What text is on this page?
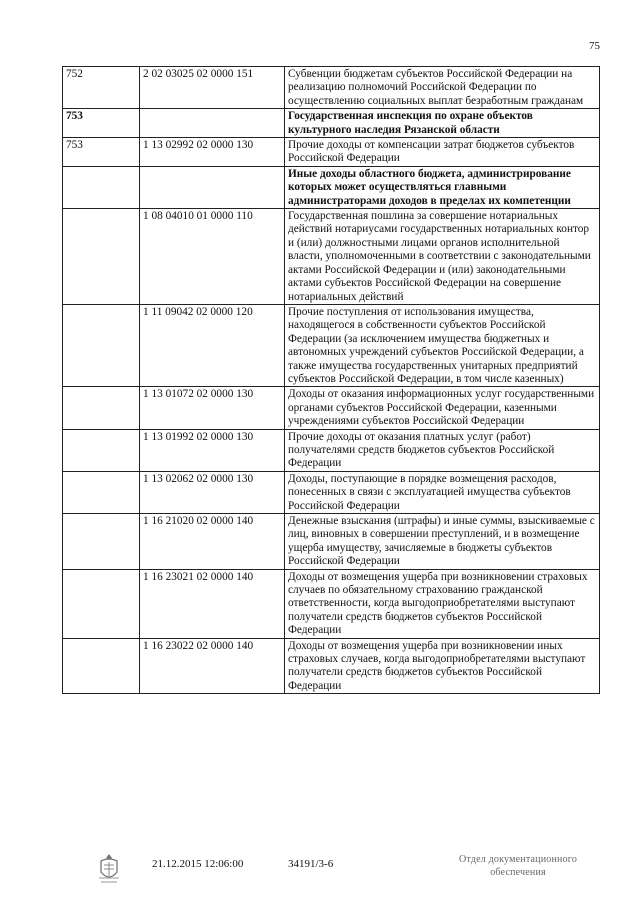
75
752	2 02 03025 02 0000 151	Субвенции бюджетам субъектов Российской Федерации на реализацию полномочий Российской Федерации по осуществлению социальных выплат безработным гражданам
753		Государственная инспекция по охране объектов культурного наследия Рязанской области
753	1 13 02992 02 0000 130	Прочие доходы от компенсации затрат бюджетов субъектов Российской Федерации
		Иные доходы областного бюджета, администрирование которых может осуществляться главными администраторами доходов в пределах их компетенции
	1 08 04010 01 0000 110	Государственная пошлина за совершение нотариальных действий нотариусами государственных нотариальных контор и (или) должностными лицами органов исполнительной власти, уполномоченными в соответствии с законодательными актами Российской Федерации и (или) законодательными актами субъектов Российской Федерации на совершение нотариальных действий
	1 11 09042 02 0000 120	Прочие поступления от использования имущества, находящегося в собственности субъектов Российской Федерации (за исключением имущества бюджетных и автономных учреждений субъектов Российской Федерации, а также имущества государственных унитарных предприятий субъектов Российской Федерации, в том числе казенных)
	1 13 01072 02 0000 130	Доходы от оказания информационных услуг государственными органами субъектов Российской Федерации, казенными учреждениями субъектов Российской Федерации
	1 13 01992 02 0000 130	Прочие доходы от оказания платных услуг (работ) получателями средств бюджетов субъектов Российской Федерации
	1 13 02062 02 0000 130	Доходы, поступающие в порядке возмещения расходов, понесенных в связи с эксплуатацией имущества субъектов Российской Федерации
	1 16 21020 02 0000 140	Денежные взыскания (штрафы) и иные суммы, взыскиваемые с лиц, виновных в совершении преступлений, и в возмещение ущерба имуществу, зачисляемые в бюджеты субъектов Российской Федерации
	1 16 23021 02 0000 140	Доходы от возмещения ущерба при возникновении страховых случаев по обязательному страхованию гражданской ответственности, когда выгодоприобретателями выступают получатели средств бюджетов субъектов Российской Федерации
	1 16 23022 02 0000 140	Доходы от возмещения ущерба при возникновении иных страховых случаев, когда выгодоприобретателями выступают получатели средств бюджетов субъектов Российской Федерации
21.12.2015 12:06:00	34191/3-6	Отдел документационного
обеспечения
